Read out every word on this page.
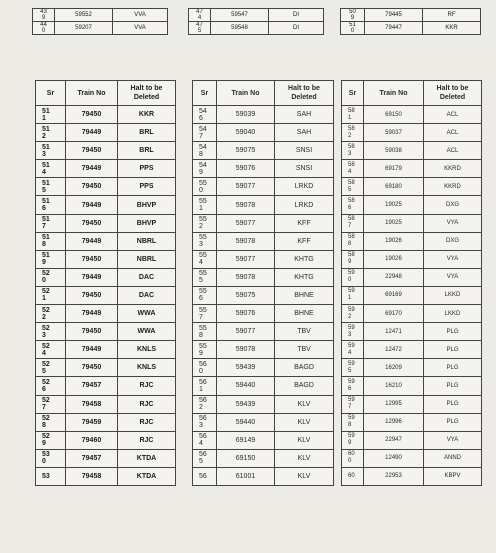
43
9	59552	VVA

44
0	59207	VVA
47
4	59547	DI

47
5	59548	DI
50
9	79445	RF

51
0	79447	KKR
Sr	Train No	Halt to be Deleted

51
1	79450	KKR

51
2	79449	BRL

51
3	79450	BRL

51
4	79449	PPS

51
5	79450	PPS

51
6	79449	BHVP

51
7	79450	BHVP

51
8	79449	NBRL

51
9	79450	NBRL

52
0	79449	DAC

52
1	79450	DAC

52
2	79449	WWA

52
3	79450	WWA

52
4	79449	KNLS

52
5	79450	KNLS

52
6	79457	RJC

52
7	79458	RJC

52
8	79459	RJC

52
9	79460	RJC

53
0	79457	KTDA

53	79458	KTDA
Sr	Train No	Halt to be Deleted

54
6	59039	SAH

54
7	59040	SAH

54
8	59075	SNSI

54
9	59076	SNSI

55
0	59077	LRKD

55
1	59078	LRKD

55
2	59077	KFF

55
3	59078	KFF

55
4	59077	KHTG

55
5	59078	KHTG

55
6	59075	BHNE

55
7	59076	BHNE

55
8	59077	TBV

55
9	59078	TBV

56
0	59439	BAGD

56
1	59440	BAGD

56
2	59439	KLV

56
3	59440	KLV

56
4	69149	KLV

56
5	69150	KLV

56	61001	KLV
Sr	Train No	Halt to be Deleted

58
1	69150	ACL

58
2	59037	ACL

58
3	59038	ACL

58
4	69179	KKRD

58
5	69180	KKRD

58
6	19025	DXG

58
7	19025	VYA

58
8	19026	DXG

58
9	19026	VYA

59
0	22948	VYA

59
1	69169	LKKD

59
2	69170	LKKD

59
3	12471	PLG

59
4	12472	PLG

59
5	16209	PLG

59
6	16210	PLG

59
7	12995	PLG

59
8	12996	PLG

59
9	22947	VYA

60
0	12490	ANND

60	22953	KBPV
